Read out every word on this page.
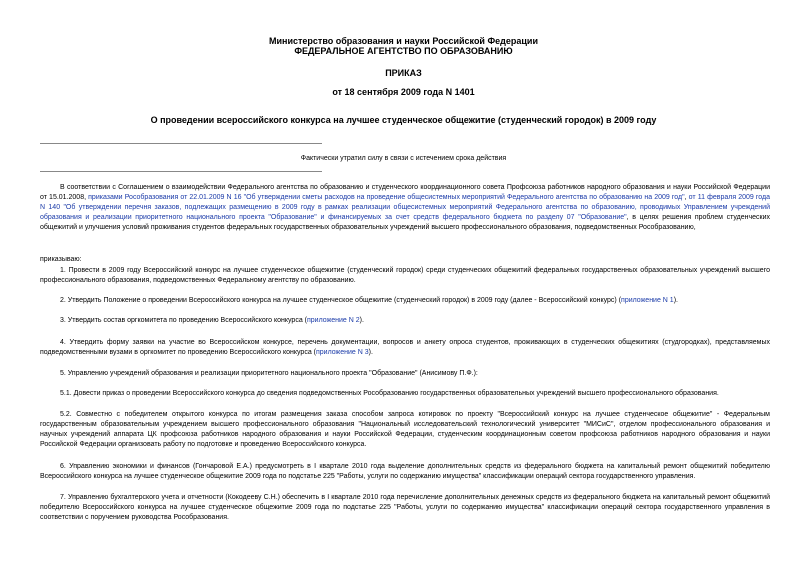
Министерство образования и науки Российской Федерации
ФЕДЕРАЛЬНОЕ АГЕНТСТВО ПО ОБРАЗОВАНИЮ
ПРИКАЗ
от 18 сентября 2009 года N 1401
О проведении всероссийского конкурса на лучшее студенческое общежитие (студенческий городок) в 2009 году
Фактически утратил силу в связи с истечением срока действия
В соответствии с Соглашением о взаимодействии Федерального агентства по образованию и студенческого координационного совета Профсоюза работников народного образования и науки Российской Федерации от 15.01.2008, приказами Рособразования от 22.01.2009 N 16 "Об утверждении сметы расходов на проведение общесистемных мероприятий Федерального агентства по образованию на 2009 год", от 11 февраля 2009 года N 140 "Об утверждении перечня заказов, подлежащих размещению в 2009 году в рамках реализации общесистемных мероприятий Федерального агентства по образованию, проводимых Управлением учреждений образования и реализации приоритетного национального проекта "Образование" и финансируемых за счет средств федерального бюджета по разделу 07 "Образование", в целях решения проблем студенческих общежитий и улучшения условий проживания студентов федеральных государственных образовательных учреждений высшего профессионального образования, подведомственных Рособразованию,
приказываю:
1. Провести в 2009 году Всероссийский конкурс на лучшее студенческое общежитие (студенческий городок) среди студенческих общежитий федеральных государственных образовательных учреждений высшего профессионального образования, подведомственных Федеральному агентству по образованию.
2. Утвердить Положение о проведении Всероссийского конкурса на лучшее студенческое общежитие (студенческий городок) в 2009 году (далее - Всероссийский конкурс) (приложение N 1).
3. Утвердить состав оргкомитета по проведению Всероссийского конкурса (приложение N 2).
4. Утвердить форму заявки на участие во Всероссийском конкурсе, перечень документации, вопросов и анкету опроса студентов, проживающих в студенческих общежитиях (студгородках), представляемых подведомственными вузами в оргкомитет по проведению Всероссийского конкурса (приложение N 3).
5. Управлению учреждений образования и реализации приоритетного национального проекта "Образование" (Анисимову П.Ф.):
5.1. Довести приказ о проведении Всероссийского конкурса до сведения подведомственных Рособразованию государственных образовательных учреждений высшего профессионального образования.
5.2. Совместно с победителем открытого конкурса по итогам размещения заказа способом запроса котировок по проекту "Всероссийский конкурс на лучшее студенческое общежитие" - Федеральным государственным образовательным учреждением высшего профессионального образования "Национальный исследовательский технологический университет "МИСиС", отделом профессионального образования и научных учреждений аппарата ЦК профсоюза работников народного образования и науки Российской Федерации, студенческим координационным советом профсоюза работников народного образования и науки Российской Федерации организовать работу по подготовке и проведению Всероссийского конкурса.
6. Управлению экономики и финансов (Гончаровой Е.А.) предусмотреть в I квартале 2010 года выделение дополнительных средств из федерального бюджета на капитальный ремонт общежитий победителю Всероссийского конкурса на лучшее студенческое общежитие 2009 года по подстатье 225 "Работы, услуги по содержанию имущества" классификации операций сектора государственного управления.
7. Управлению бухгалтерского учета и отчетности (Кокодееву С.Н.) обеспечить в I квартале 2010 года перечисление дополнительных денежных средств из федерального бюджета на капитальный ремонт общежитий победителю Всероссийского конкурса на лучшее студенческое общежитие 2009 года по подстатье 225 "Работы, услуги по содержанию имущества" классификации операций сектора государственного управления в соответствии с поручением руководства Рособразования.
